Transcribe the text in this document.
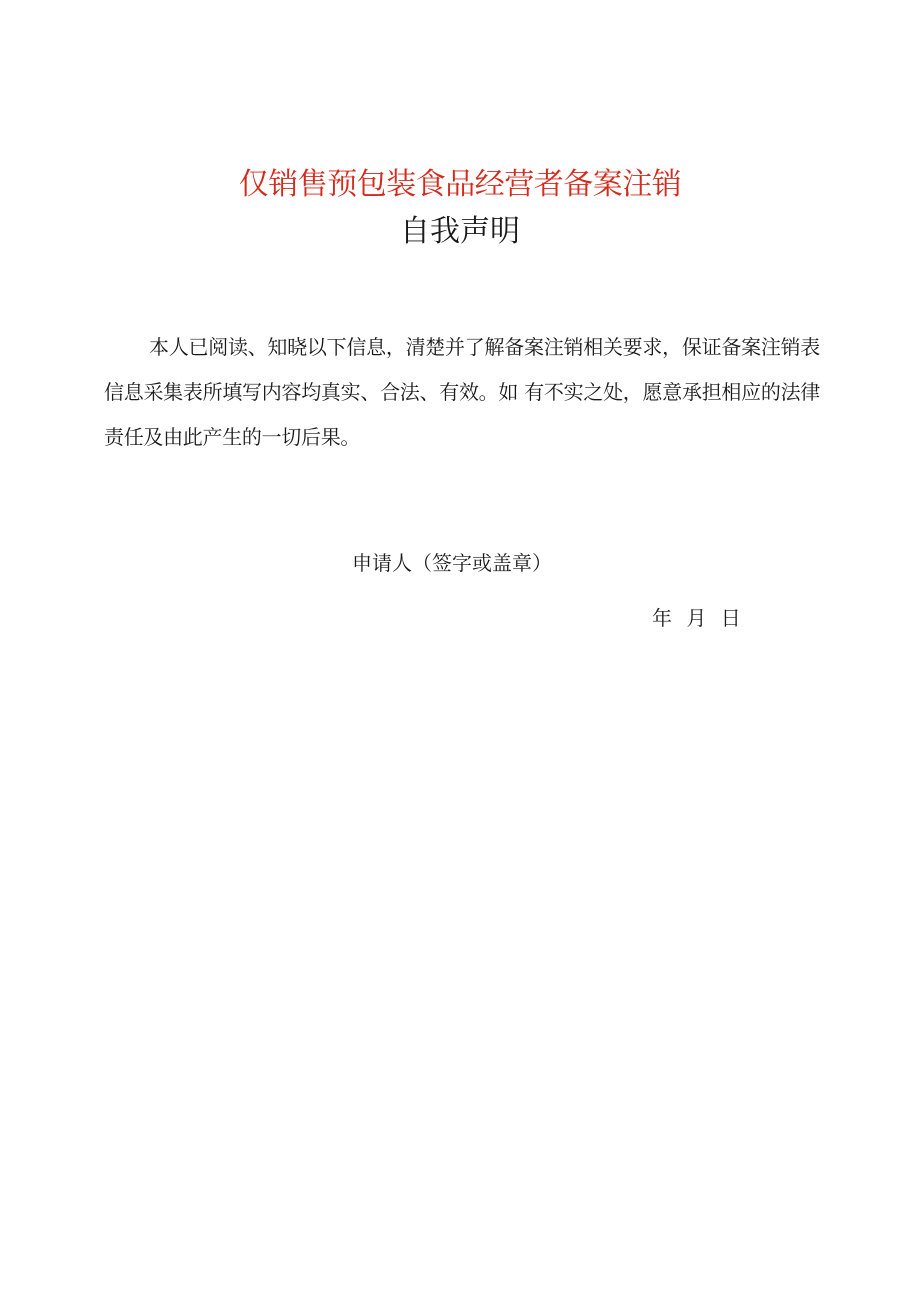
仅销售预包装食品经营者备案注销
自我声明

本人已阅读、知晓以下信息，清楚并了解备案注销相关要求，保证备案注销表信息采集表所填写内容均真实、合法、有效。如 有不实之处，愿意承担相应的法律责任及由此产生的一切后果。

申请人（签字或盖章）
年 月 日
